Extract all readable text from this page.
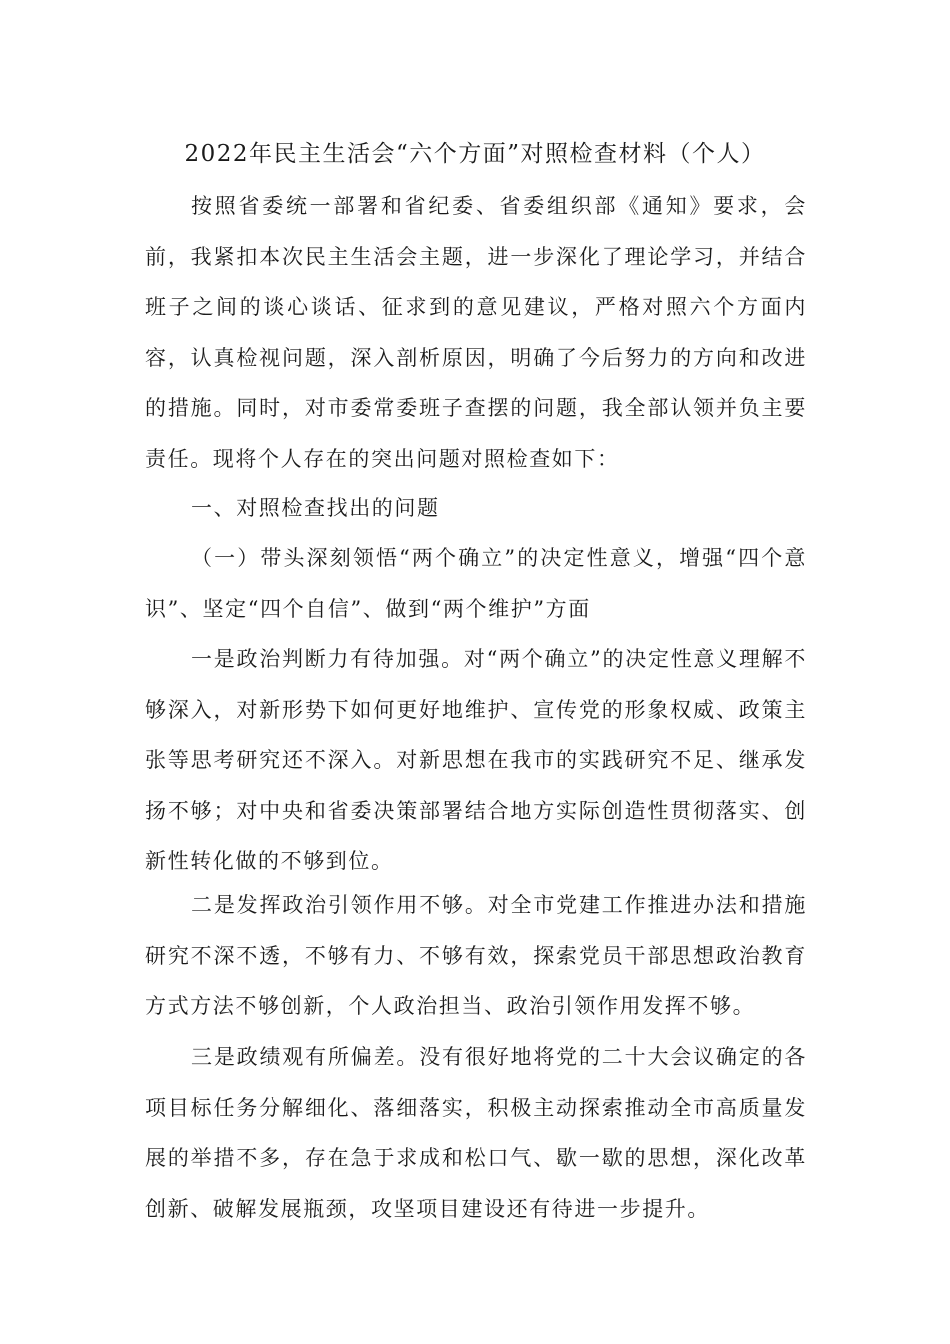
2022年民主生活会“六个方面”对照检查材料（个人）

按照省委统一部署和省纪委、省委组织部《通知》要求，会前，我紧扣本次民主生活会主题，进一步深化了理论学习，并结合班子之间的谈心谈话、征求到的意见建议，严格对照六个方面内容，认真检视问题，深入剖析原因，明确了今后努力的方向和改进的措施。同时，对市委常委班子查摆的问题，我全部认领并负主要责任。现将个人存在的突出问题对照检查如下：

一、对照检查找出的问题

（一）带头深刻领悟“两个确立”的决定性意义，增强“四个意识”、坚定“四个自信”、做到“两个维护”方面

一是政治判断力有待加强。对“两个确立”的决定性意义理解不够深入，对新形势下如何更好地维护、宣传党的形象权威、政策主张等思考研究还不深入。对新思想在我市的实践研究不足、继承发扬不够；对中央和省委决策部署结合地方实际创造性贯彻落实、创新性转化做的不够到位。

二是发挥政治引领作用不够。对全市党建工作推进办法和措施研究不深不透，不够有力、不够有效，探索党员干部思想政治教育方式方法不够创新，个人政治担当、政治引领作用发挥不够。

三是政绩观有所偏差。没有很好地将党的二十大会议确定的各项目标任务分解细化、落细落实，积极主动探索推动全市高质量发展的举措不多，存在急于求成和松口气、歇一歇的思想，深化改革创新、破解发展瓶颈，攻坚项目建设还有待进一步提升。
